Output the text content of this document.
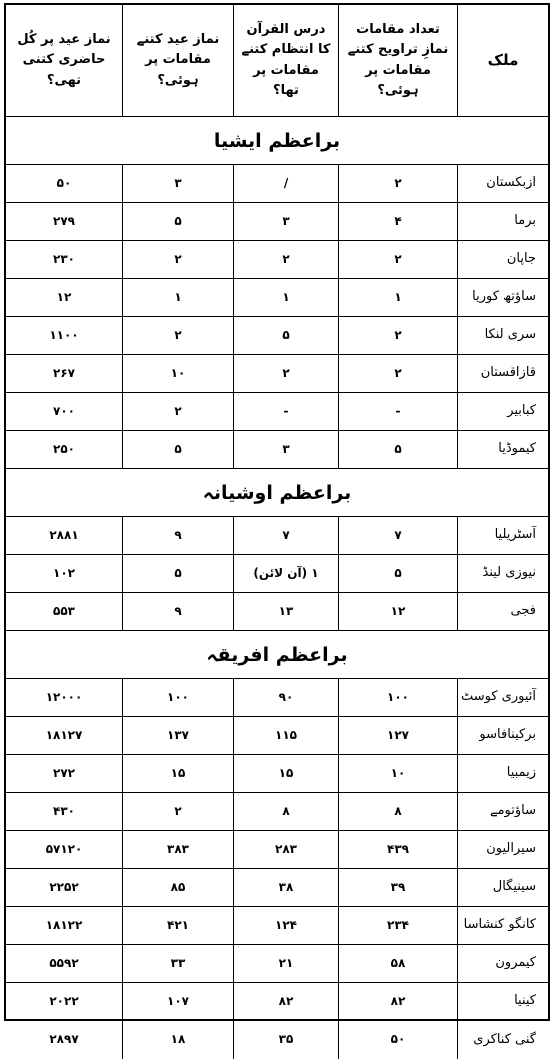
ملک
تعداد مقامات نمازِ تراویح کتنے مقامات پر ہوئی؟
درس القرآن کا انتظام کتنے مقامات پر تھا؟
نماز عید کتنے مقامات پر ہوئی؟
نماز عید پر کُل حاضری کتنی تھی؟
براعظم ایشیا
ازبکستان
۲
/
۳
۵۰
برما
۴
۳
۵
۲۷۹
جاپان
۲
۲
۲
۲۳۰
ساؤتھ کوریا
۱
۱
۱
۱۲
سری لنکا
۲
۵
۲
۱۱۰۰
قازاقستان
۲
۲
۱۰
۲۶۷
کبابیر
-
-
۲
۷۰۰
کیموڈیا
۵
۳
۵
۲۵۰
براعظم اوشیانہ
آسٹریلیا
۷
۷
۹
۲۸۸۱
نیوزی لینڈ
۵
۱ (آن لائن)
۵
۱۰۲
فجی
۱۲
۱۳
۹
۵۵۳
براعظم افریقہ
آئیوری کوسٹ
۱۰۰
۹۰
۱۰۰
۱۲۰۰۰
برکینافاسو
۱۲۷
۱۱۵
۱۳۷
۱۸۱۲۷
زیمبیا
۱۰
۱۵
۱۵
۲۷۲
ساؤتومے
۸
۸
۲
۴۳۰
سیرالیون
۴۳۹
۲۸۳
۳۸۳
۵۷۱۲۰
سینیگال
۳۹
۳۸
۸۵
۲۲۵۲
کانگو کنشاسا
۲۳۴
۱۲۴
۴۲۱
۱۸۱۲۲
کیمرون
۵۸
۲۱
۳۳
۵۵۹۲
کینیا
۸۲
۸۲
۱۰۷
۲۰۲۲
گنی کناکری
۵۰
۳۵
۱۸
۲۸۹۷
